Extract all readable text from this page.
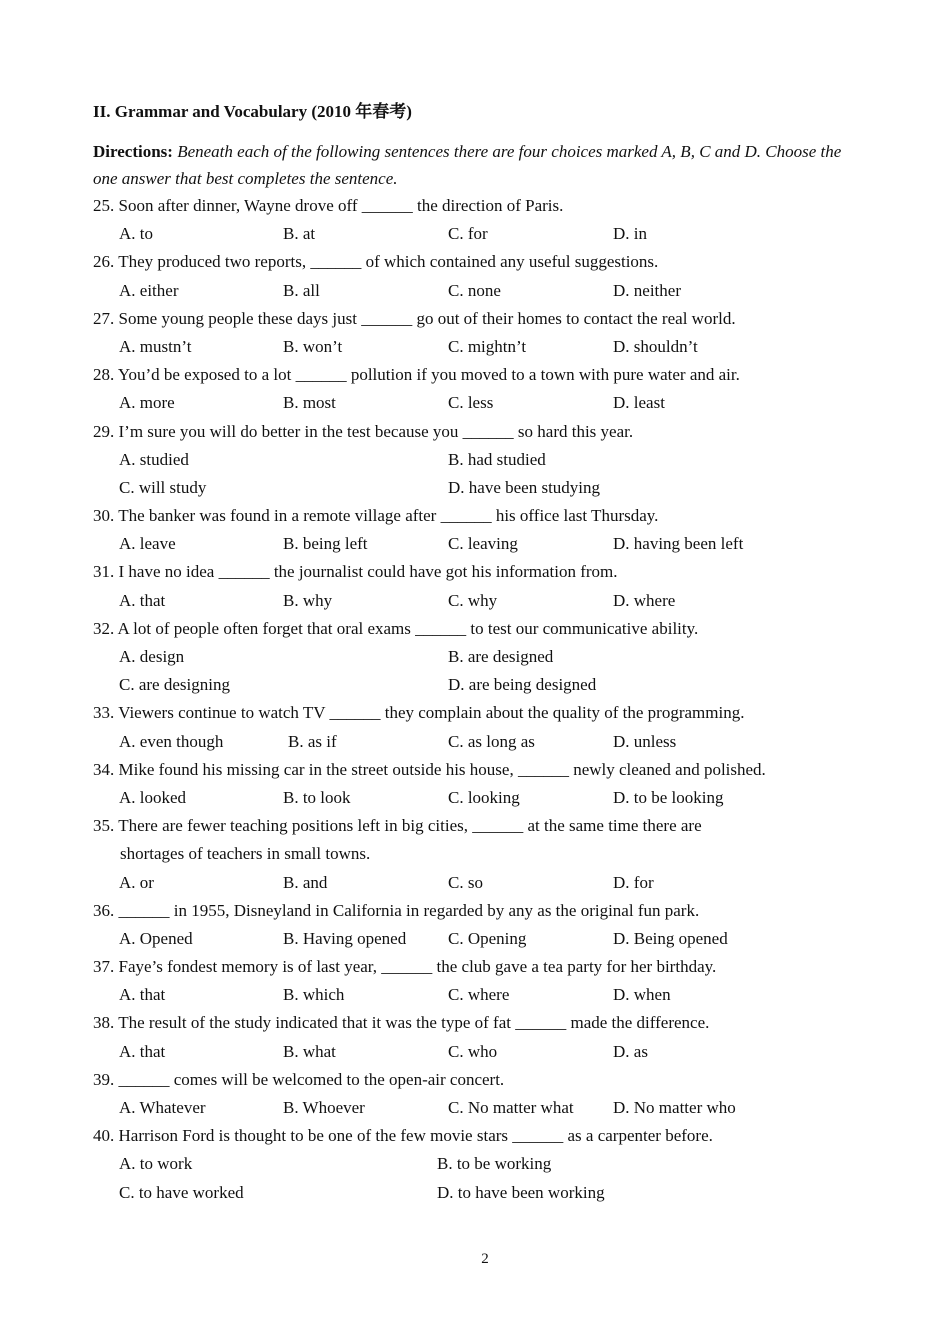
II. Grammar and Vocabulary (2010 年春考)
Directions: Beneath each of the following sentences there are four choices marked A, B, C and D. Choose the one answer that best completes the sentence.
25. Soon after dinner, Wayne drove off ______ the direction of Paris.
A. to	B. at	C. for	D. in
26. They produced two reports, ______ of which contained any useful suggestions.
A. either	B. all	C. none	D. neither
27. Some young people these days just ______ go out of their homes to contact the real world.
A. mustn’t	B. won’t	C. mightn’t	D. shouldn’t
28. You’d be exposed to a lot ______ pollution if you moved to a town with pure water and air.
A. more	B. most	C. less	D. least
29. I’m sure you will do better in the test because you ______ so hard this year.
A. studied	B. had studied
C. will study	D. have been studying
30. The banker was found in a remote village after ______ his office last Thursday.
A. leave	B. being left	C. leaving	D. having been left
31. I have no idea ______ the journalist could have got his information from.
A. that	B. why	C. why	D. where
32. A lot of people often forget that oral exams ______ to test our communicative ability.
A. design	B. are designed
C. are designing	D. are being designed
33. Viewers continue to watch TV ______ they complain about the quality of the programming.
A. even though	B. as if	C. as long as	D. unless
34. Mike found his missing car in the street outside his house, ______ newly cleaned and polished.
A. looked	B. to look	C. looking	D. to be looking
35. There are fewer teaching positions left in big cities, ______ at the same time there are
shortages of teachers in small towns.
A. or	B. and	C. so	D. for
36. ______ in 1955, Disneyland in California in regarded by any as the original fun park.
A. Opened	B. Having opened C. Opening	D. Being opened
37. Faye’s fondest memory is of last year, ______ the club gave a tea party for her birthday.
A. that	B. which	C. where	D. when
38. The result of the study indicated that it was the type of fat ______ made the difference.
A. that	B. what	C. who	D. as
39. ______ comes will be welcomed to the open-air concert.
A. Whatever	B. Whoever	C. No matter what D. No matter who
40. Harrison Ford is thought to be one of the few movie stars ______ as a carpenter before.
A. to work	B. to be working
C. to have worked	D. to have been working
2
